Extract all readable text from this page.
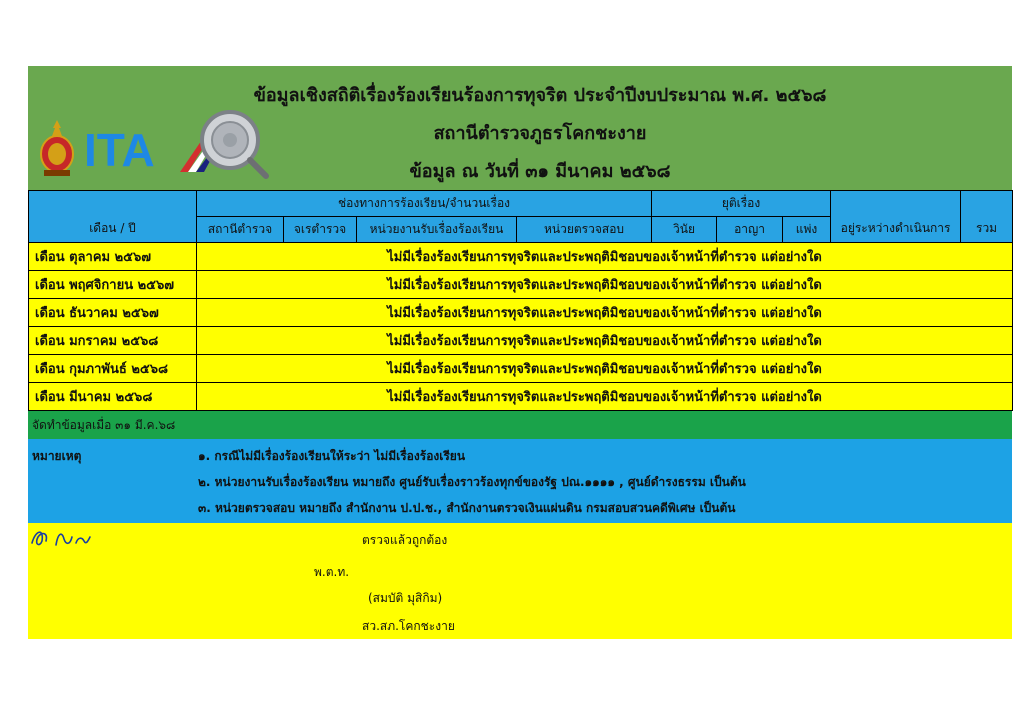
ITA
ข้อมูลเชิงสถิติเรื่องร้องเรียนร้องการทุจริต ประจำปีงบประมาณ พ.ศ. ๒๕๖๘
สถานีตำรวจภูธรโคกชะงาย
ข้อมูล ณ วันที่ ๓๑ มีนาคม ๒๕๖๘
เดือน / ปี	ช่องทางการร้องเรียน/จำนวนเรื่อง				ยุติเรื่อง			อยู่ระหว่างดำเนินการ	รวม
	สถานีตำรวจ	จเรตำรวจ	หน่วยงานรับเรื่องร้องเรียน	หน่วยตรวจสอบ	วินัย	อาญา	แพ่ง		
เดือน ตุลาคม ๒๕๖๗	ไม่มีเรื่องร้องเรียนการทุจริตและประพฤติมิชอบของเจ้าหน้าที่ตำรวจ แต่อย่างใด								
เดือน พฤศจิกายน ๒๕๖๗	ไม่มีเรื่องร้องเรียนการทุจริตและประพฤติมิชอบของเจ้าหน้าที่ตำรวจ แต่อย่างใด								
เดือน ธันวาคม ๒๕๖๗	ไม่มีเรื่องร้องเรียนการทุจริตและประพฤติมิชอบของเจ้าหน้าที่ตำรวจ แต่อย่างใด								
เดือน มกราคม ๒๕๖๘	ไม่มีเรื่องร้องเรียนการทุจริตและประพฤติมิชอบของเจ้าหน้าที่ตำรวจ แต่อย่างใด								
เดือน กุมภาพันธ์ ๒๕๖๘	ไม่มีเรื่องร้องเรียนการทุจริตและประพฤติมิชอบของเจ้าหน้าที่ตำรวจ แต่อย่างใด								
เดือน มีนาคม ๒๕๖๘	ไม่มีเรื่องร้องเรียนการทุจริตและประพฤติมิชอบของเจ้าหน้าที่ตำรวจ แต่อย่างใด								
จัดทำข้อมูลเมื่อ ๓๑ มี.ค.๖๘
หมายเหตุ	๑. กรณีไม่มีเรื่องร้องเรียนให้ระว่า ไม่มีเรื่องร้องเรียน
๒. หน่วยงานรับเรื่องร้องเรียน หมายถึง ศูนย์รับเรื่องราวร้องทุกข์ของรัฐ ปณ.๑๑๑๑ , ศูนย์ดำรงธรรม เป็นต้น
๓. หน่วยตรวจสอบ หมายถึง สำนักงาน ป.ป.ช., สำนักงานตรวจเงินแผ่นดิน กรมสอบสวนคดีพิเศษ เป็นต้น
ตรวจแล้วถูกต้อง
พ.ต.ท.
(สมบัติ มุสิกิม)
สว.สภ.โคกชะงาย
